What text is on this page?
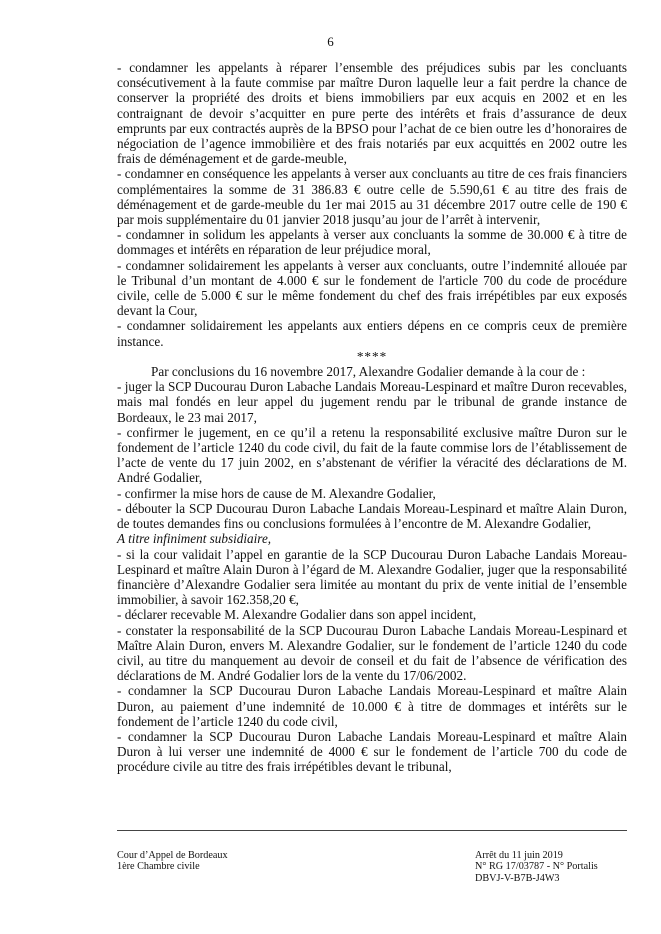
6

- condamner les appelants à réparer l’ensemble des préjudices subis par les concluants consécutivement à la faute commise par maître Duron laquelle leur a fait perdre la chance de conserver la propriété des droits et biens immobiliers par eux acquis en 2002 et en les contraignant de devoir s’acquitter en pure perte des intérêts et frais d’assurance de deux emprunts par eux contractés auprès de la BPSO pour l’achat de ce bien outre les d’honoraires de négociation de l’agence immobilière et des frais notariés par eux acquittés en 2002 outre les frais de déménagement et de garde-meuble,

- condamner en conséquence les appelants à verser aux concluants au titre de ces frais financiers complémentaires la somme de 31 386.83 € outre celle de 5.590,61 € au titre des frais de déménagement et de garde-meuble du 1er mai 2015 au 31 décembre 2017 outre celle de 190 € par mois supplémentaire du 01 janvier 2018 jusqu’au jour de l’arrêt à intervenir,

- condamner in solidum les appelants à verser aux concluants la somme de 30.000 € à titre de dommages et intérêts en réparation de leur préjudice moral,

- condamner solidairement les appelants à verser aux concluants, outre l’indemnité allouée par le Tribunal d’un montant de 4.000 € sur le fondement de l'article 700 du code de procédure civile, celle de 5.000 € sur le même fondement du chef des frais irrépétibles par eux exposés devant la Cour,

- condamner solidairement les appelants aux entiers dépens en ce compris ceux de première instance.

****

Par conclusions du 16 novembre 2017, Alexandre Godalier demande à la cour de :

- juger la SCP Ducourau Duron Labache Landais Moreau-Lespinard et maître Duron recevables, mais mal fondés en leur appel du jugement rendu par le tribunal de grande instance de Bordeaux, le 23 mai 2017,

- confirmer le jugement, en ce qu’il a retenu la responsabilité exclusive maître Duron sur le fondement de l’article 1240 du code civil, du fait de la faute commise lors de l’établissement de l’acte de vente du 17 juin 2002, en s’abstenant de vérifier la véracité des déclarations de M. André Godalier,

- confirmer la mise hors de cause de M. Alexandre Godalier,

- débouter la SCP Ducourau Duron Labache Landais Moreau-Lespinard et maître Alain Duron, de toutes demandes fins ou conclusions formulées à l’encontre de M. Alexandre Godalier,

A titre infiniment subsidiaire,

- si la cour validait l’appel en garantie de la SCP Ducourau Duron Labache Landais Moreau-Lespinard et maître Alain Duron à l’égard de M. Alexandre Godalier, juger que la responsabilité financière d’Alexandre Godalier sera limitée au montant du prix de vente initial de l’ensemble immobilier, à savoir 162.358,20 €,

- déclarer recevable M. Alexandre Godalier dans son appel incident,

- constater la responsabilité de la SCP Ducourau Duron Labache Landais Moreau-Lespinard et Maître Alain Duron, envers M. Alexandre Godalier, sur le fondement de l’article 1240 du code civil, au titre du manquement au devoir de conseil et du fait de l’absence de vérification des déclarations de M. André Godalier lors de la vente du 17/06/2002.

- condamner la SCP Ducourau Duron Labache Landais Moreau-Lespinard et maître Alain Duron, au paiement d’une indemnité de 10.000 € à titre de dommages et intérêts sur le fondement de l’article 1240 du code civil,

- condamner la SCP Ducourau Duron Labache Landais Moreau-Lespinard et maître Alain Duron à lui verser une indemnité de 4000 € sur le fondement de l’article 700 du code de procédure civile au titre des frais irrépétibles devant le tribunal,

Cour d’Appel de Bordeaux
1ère Chambre civile
Arrêt du 11 juin 2019
N° RG 17/03787 - N° Portalis
DBVJ-V-B7B-J4W3
